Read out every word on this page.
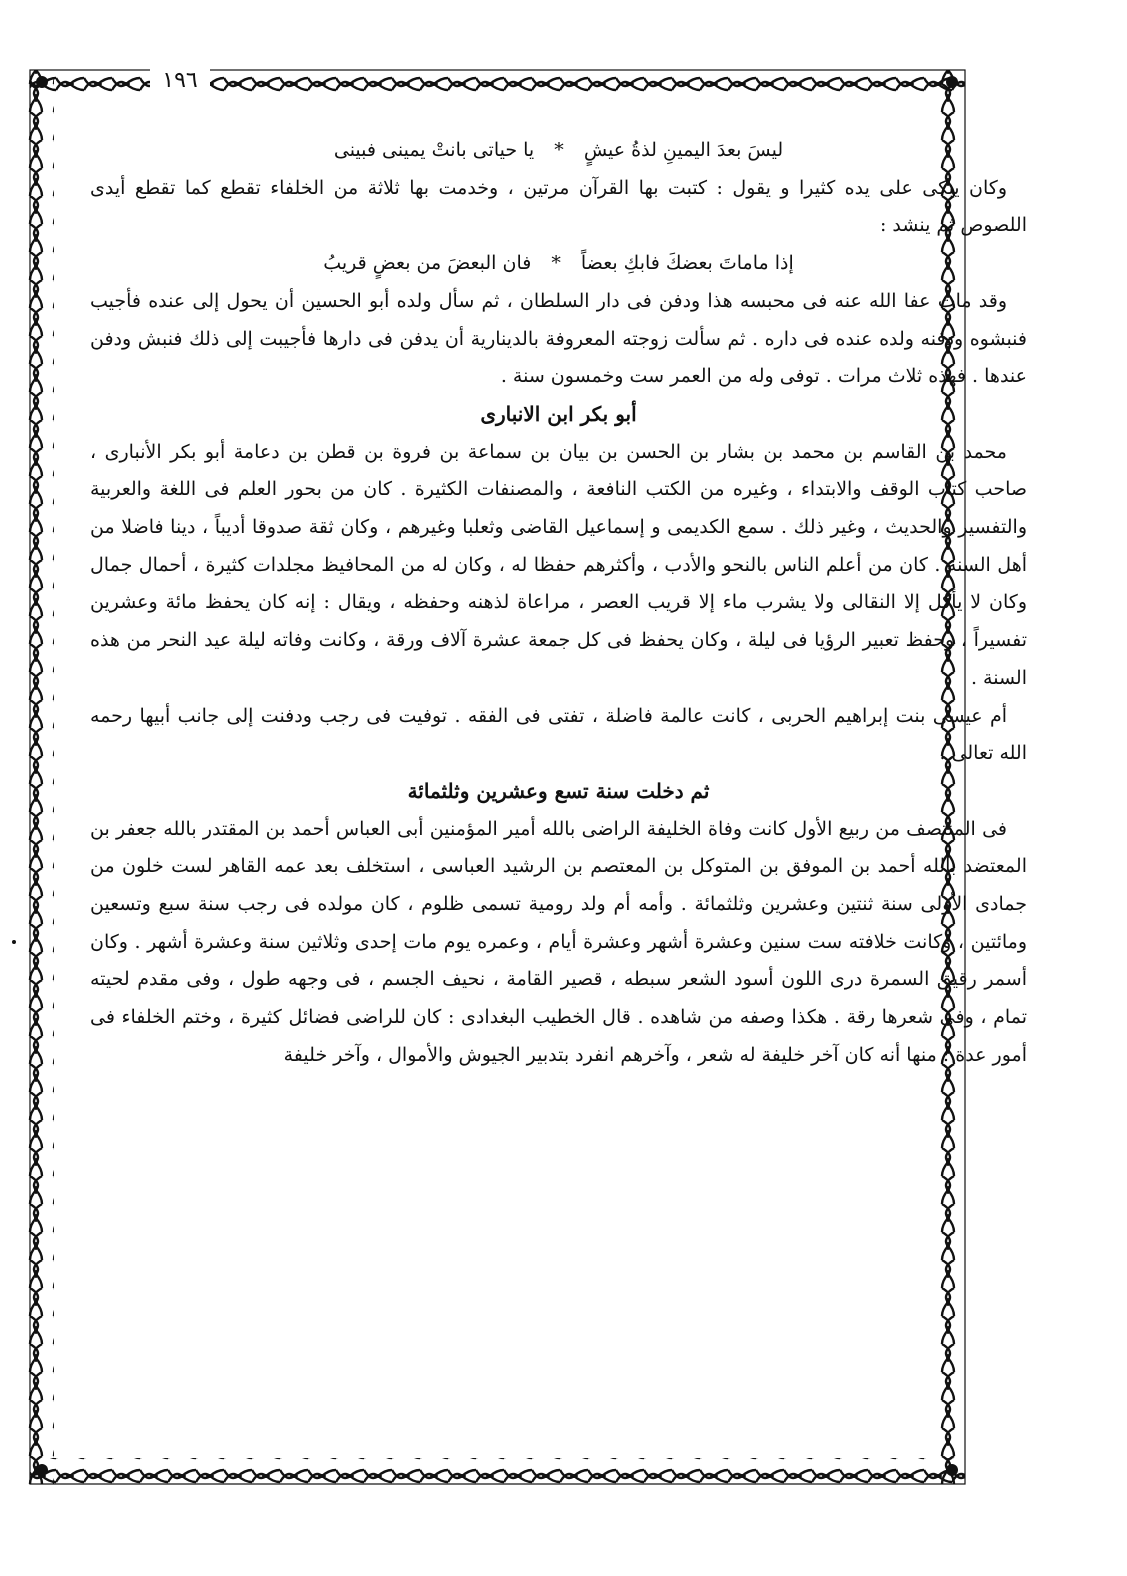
١٩٦

ليسَ بعدَ اليمينِ لذةُ عيشٍ * يا حياتى بانتْ يمينى فبينى

وكان يبكى على يده كثيرا و يقول : كتبت بها القرآن مرتين ، وخدمت بها ثلاثة من الخلفاء تقطع كما تقطع أيدى اللصوص ثم ينشد :

إذا ماماتَ بعضكَ فابكِ بعضاً * فان البعضَ من بعضٍ قريبُ

وقد مات عفا الله عنه فى محبسه هذا ودفن فى دار السلطان ، ثم سأل ولده أبو الحسين أن يحول إلى عنده فأجيب فنبشوه ودفنه ولده عنده فى داره . ثم سألت زوجته المعروفة بالدينارية أن يدفن فى دارها فأجيبت إلى ذلك فنبش ودفن عندها . فهذه ثلاث مرات . توفى وله من العمر ست وخمسون سنة .

أبو بكر ابن الانبارى

محمد بن القاسم بن محمد بن بشار بن الحسن بن بيان بن سماعة بن فروة بن قطن بن دعامة أبو بكر الأنبارى ، صاحب كتاب الوقف والابتداء ، وغيره من الكتب النافعة ، والمصنفات الكثيرة . كان من بحور العلم فى اللغة والعربية والتفسير والحديث ، وغير ذلك . سمع الكديمى و إسماعيل القاضى وثعلبا وغيرهم ، وكان ثقة صدوقا أديباً ، دينا فاضلا من أهل السنة . كان من أعلم الناس بالنحو والأدب ، وأكثرهم حفظا له ، وكان له من المحافيظ مجلدات كثيرة ، أحمال جمال وكان لا يأكل إلا النقالى ولا يشرب ماء إلا قريب العصر ، مراعاة لذهنه وحفظه ، ويقال : إنه كان يحفظ مائة وعشرين تفسيراً ، وحفظ تعبير الرؤيا فى ليلة ، وكان يحفظ فى كل جمعة عشرة آلاف ورقة ، وكانت وفاته ليلة عيد النحر من هذه السنة .

أم عيسى بنت إبراهيم الحربى ، كانت عالمة فاضلة ، تفتى فى الفقه . توفيت فى رجب ودفنت إلى جانب أبيها رحمه الله تعالى .

ثم دخلت سنة تسع وعشرين وثلثمائة

فى المنتصف من ربيع الأول كانت وفاة الخليفة الراضى بالله أمير المؤمنين أبى العباس أحمد بن المقتدر بالله جعفر بن المعتضد بالله أحمد بن الموفق بن المتوكل بن المعتصم بن الرشيد العباسى ، استخلف بعد عمه القاهر لست خلون من جمادى الأولى سنة ثنتين وعشرين وثلثمائة . وأمه أم ولد رومية تسمى ظلوم ، كان مولده فى رجب سنة سبع وتسعين ومائتين ، وكانت خلافته ست سنين وعشرة أشهر وعشرة أيام ، وعمره يوم مات إحدى وثلاثين سنة وعشرة أشهر . وكان أسمر رقيق السمرة درى اللون أسود الشعر سبطه ، قصير القامة ، نحيف الجسم ، فى وجهه طول ، وفى مقدم لحيته تمام ، وفى شعرها رقة . هكذا وصفه من شاهده . قال الخطيب البغدادى : كان للراضى فضائل كثيرة ، وختم الخلفاء فى أمور عدة : منها أنه كان آخر خليفة له شعر ، وآخرهم انفرد بتدبير الجيوش والأموال ، وآخر خليفة
